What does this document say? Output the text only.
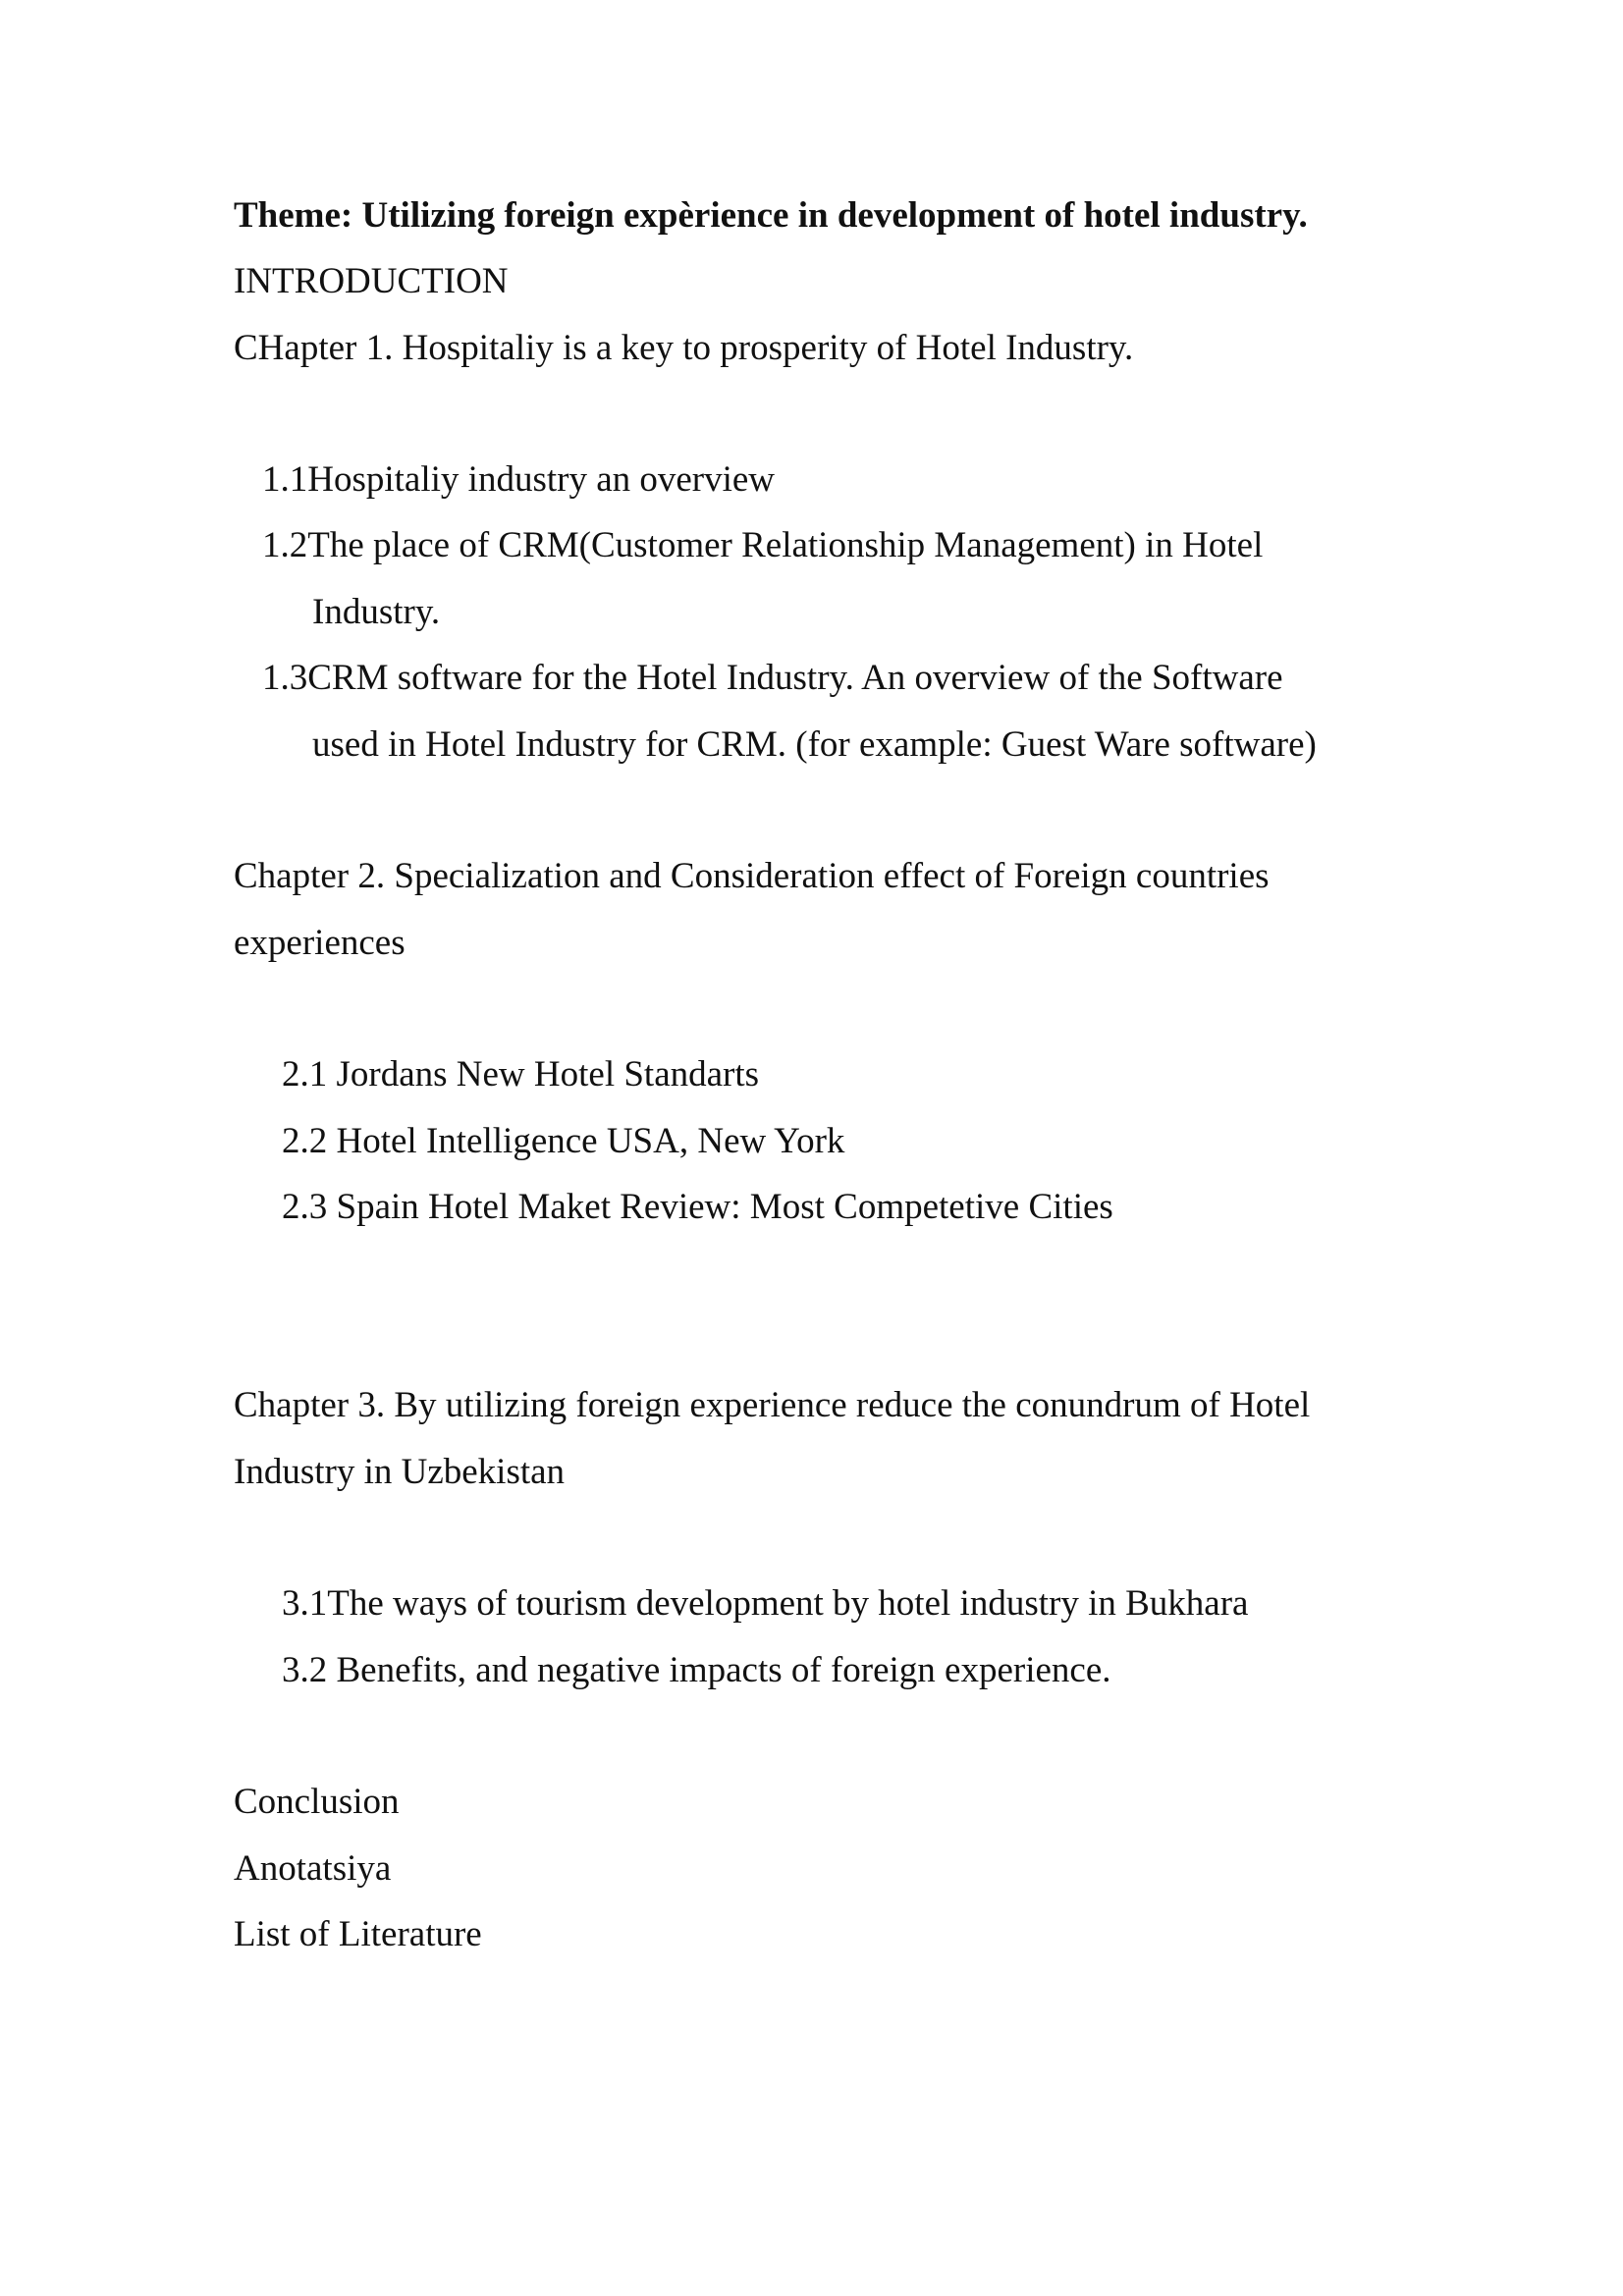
Theme: Utilizing foreign expèrience in development of hotel industry.

INTRODUCTION

CHapter 1. Hospitaliy is a key to prosperity of Hotel Industry.

1.1Hospitaliy industry an overview

1.2The place of CRM(Customer Relationship Management) in Hotel

Industry.

1.3CRM software for the Hotel Industry. An overview of the Software

used in Hotel Industry for CRM. (for example: Guest Ware software)

Chapter 2. Specialization and Consideration effect of Foreign countries

experiences

2.1 Jordans New Hotel Standarts

2.2 Hotel Intelligence USA, New York

2.3 Spain Hotel Maket Review: Most Competetive Cities

Chapter 3. By utilizing foreign experience reduce the conundrum of Hotel

Industry in Uzbekistan

3.1The ways of tourism development by hotel industry in Bukhara

3.2 Benefits, and negative impacts of foreign experience.

Conclusion

Anotatsiya

List of Literature
